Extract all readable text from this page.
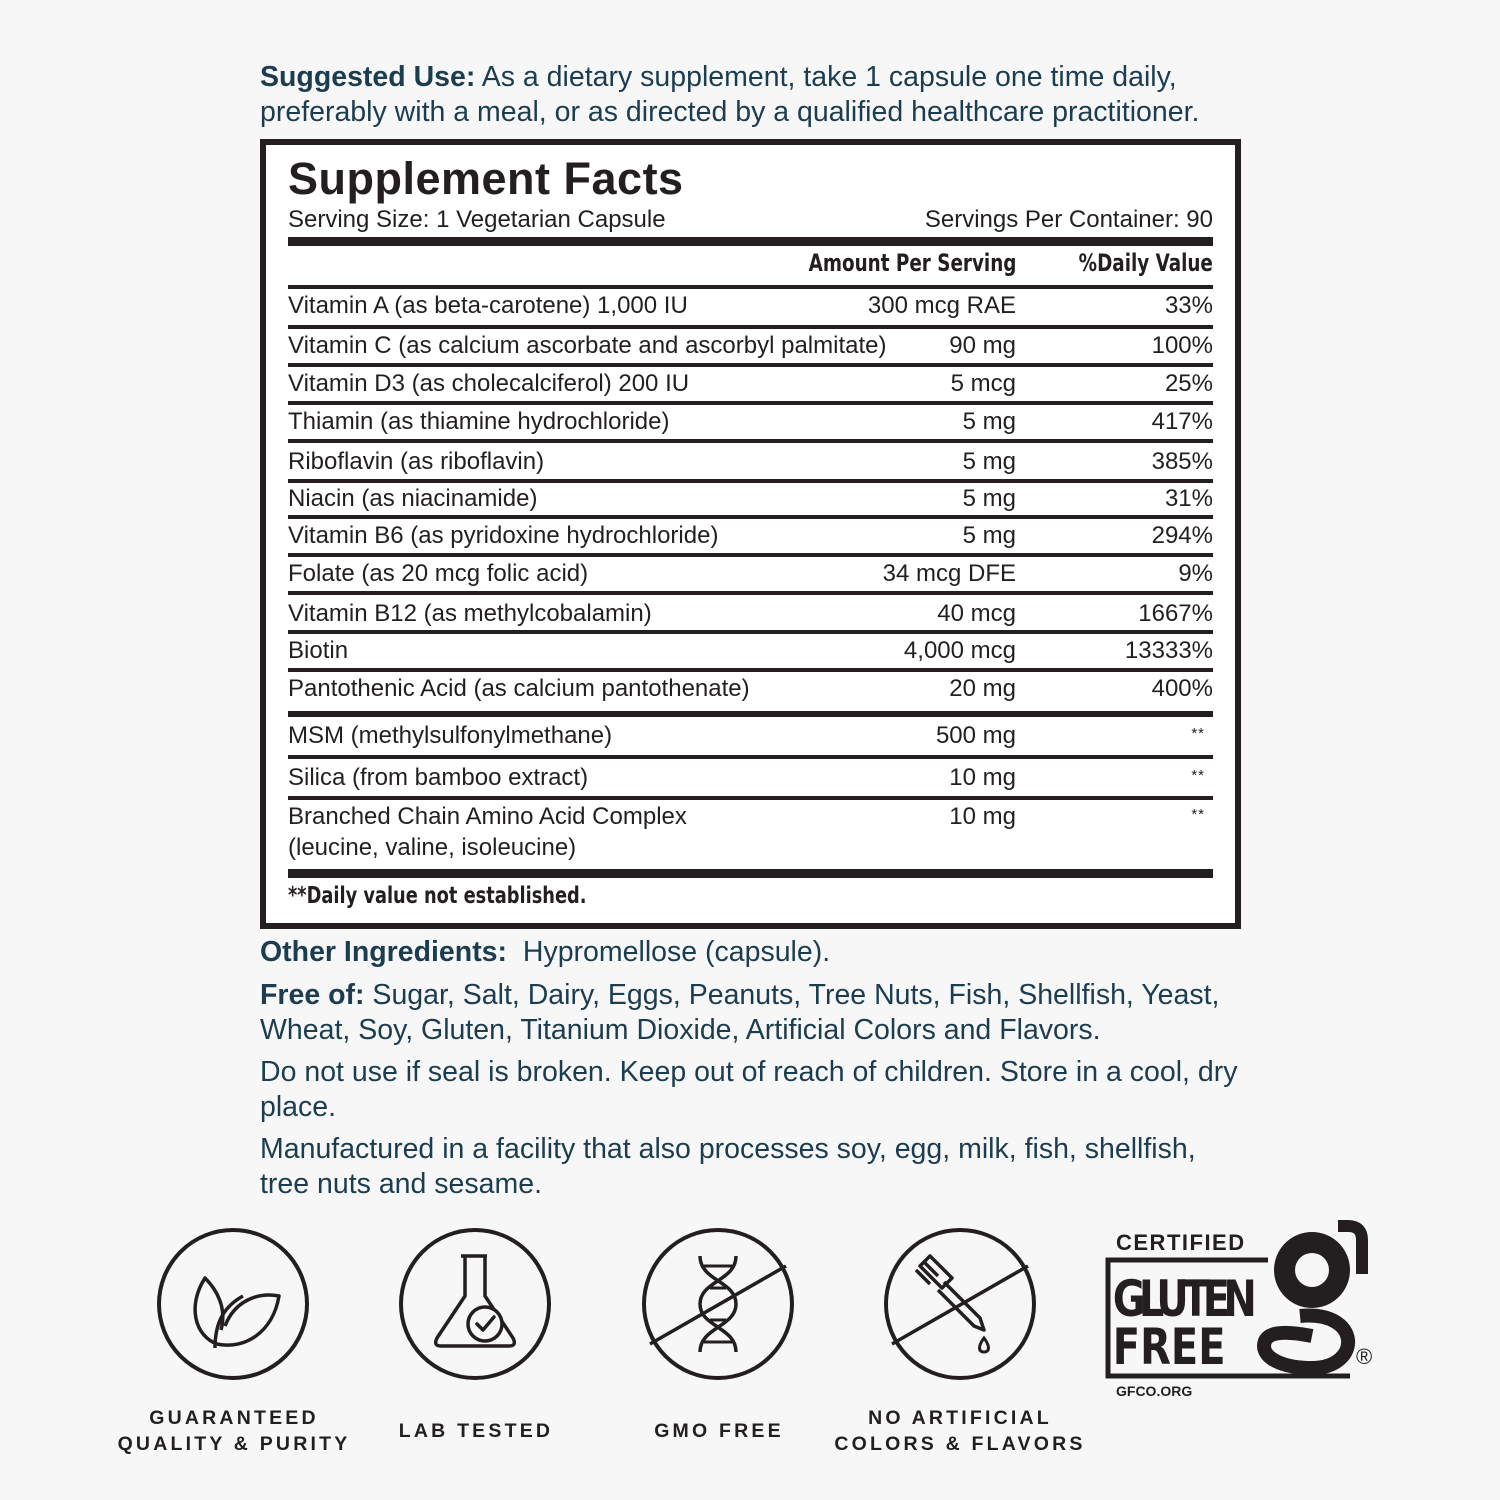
Suggested Use: As a dietary supplement, take 1 capsule one time daily, preferably with a meal, or as directed by a qualified healthcare practitioner.
Supplement Facts
Serving Size: 1 Vegetarian Capsule	Servings Per Container: 90
Amount Per Serving	%Daily Value
Vitamin A (as beta-carotene) 1,000 IU	300 mcg RAE	33%
Vitamin C (as calcium ascorbate and ascorbyl palmitate)	90 mg	100%
Vitamin D3 (as cholecalciferol) 200 IU	5 mcg	25%
Thiamin (as thiamine hydrochloride)	5 mg	417%
Riboflavin (as riboflavin)	5 mg	385%
Niacin (as niacinamide)	5 mg	31%
Vitamin B6 (as pyridoxine hydrochloride)	5 mg	294%
Folate (as 20 mcg folic acid)	34 mcg DFE	9%
Vitamin B12 (as methylcobalamin)	40 mcg	1667%
Biotin	4,000 mcg	13333%
Pantothenic Acid (as calcium pantothenate)	20 mg	400%
MSM (methylsulfonylmethane)	500 mg	**
Silica (from bamboo extract)	10 mg	**
Branched Chain Amino Acid Complex
(leucine, valine, isoleucine)
10 mg	**
**Daily value not established.
Other Ingredients:  Hypromellose (capsule).
Free of: Sugar, Salt, Dairy, Eggs, Peanuts, Tree Nuts, Fish, Shellfish, Yeast, Wheat, Soy, Gluten, Titanium Dioxide, Artificial Colors and Flavors.
Do not use if seal is broken. Keep out of reach of children. Store in a cool, dry place.
Manufactured in a facility that also processes soy, egg, milk, fish, shellfish, tree nuts and sesame.
GUARANTEED
QUALITY & PURITY
LAB TESTED	GMO FREE
NO ARTIFICIAL
COLORS & FLAVORS
CERTIFIED
GLUTEN
FREE
GFCO.ORG
®
